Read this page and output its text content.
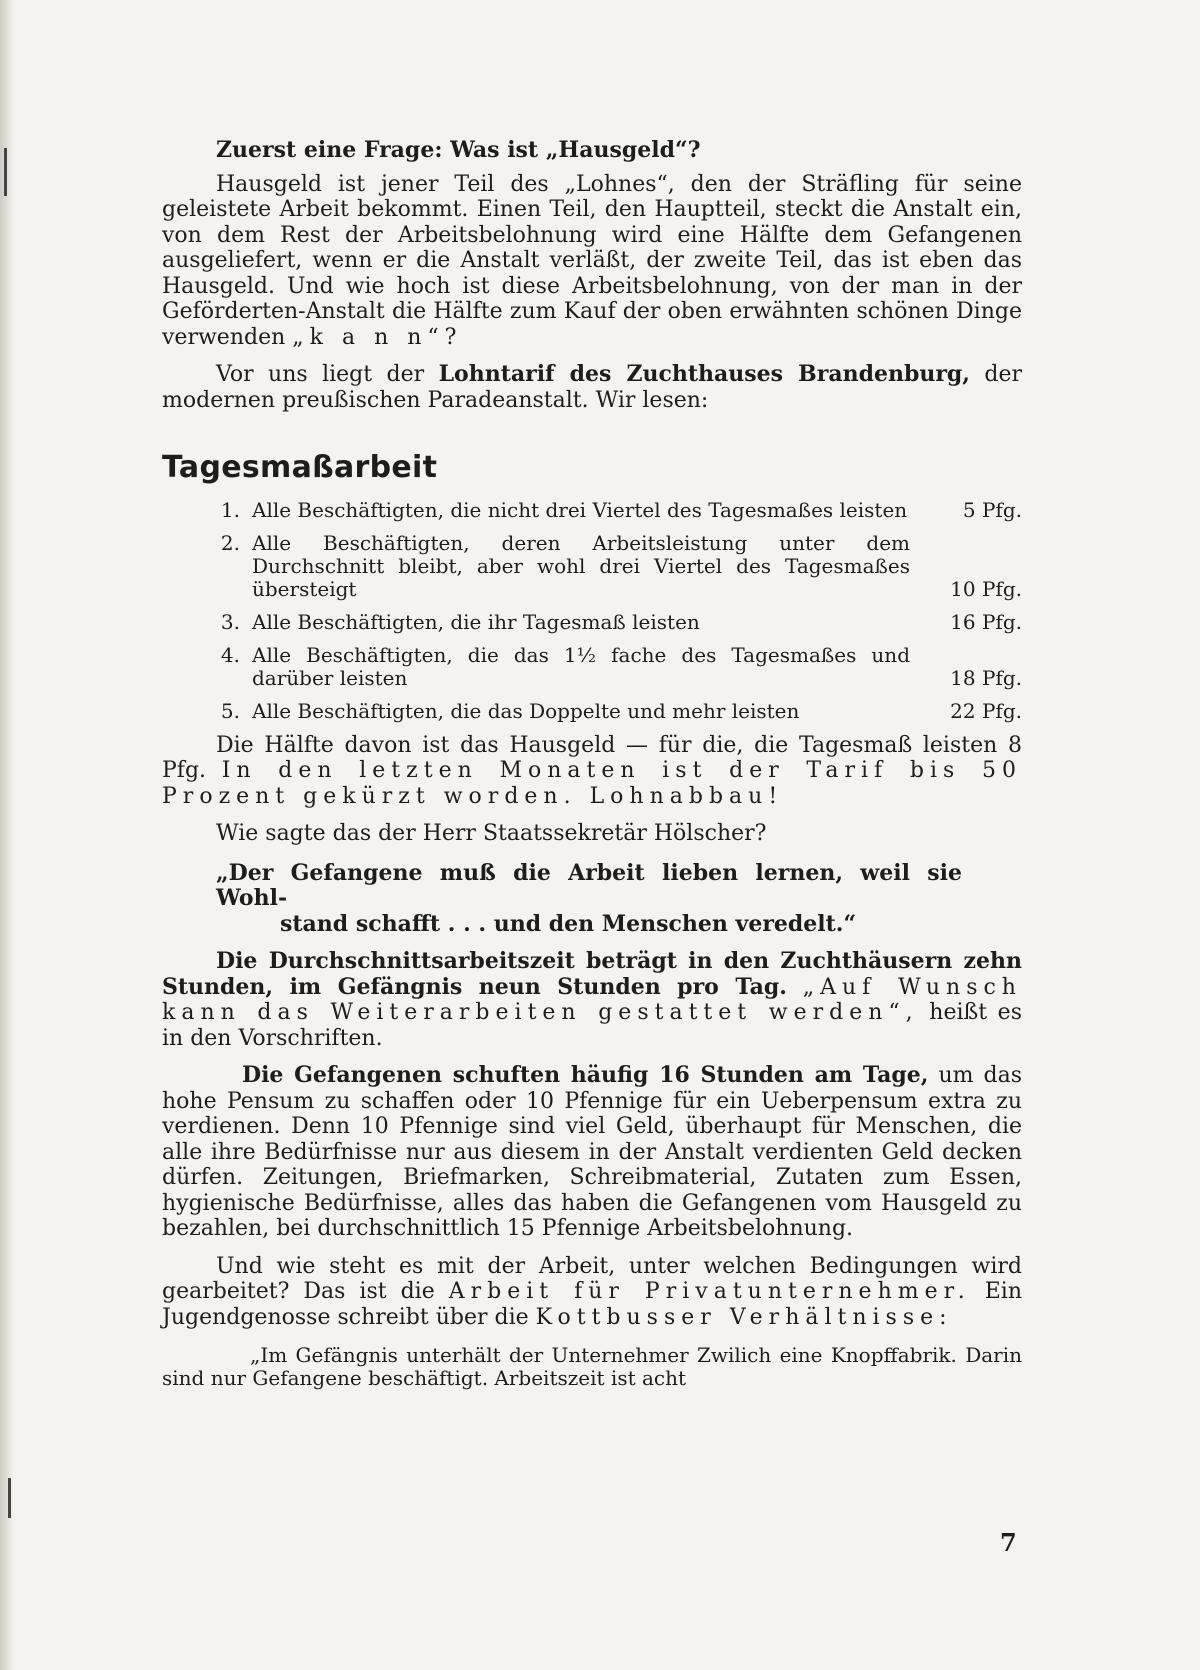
Zuerst eine Frage: Was ist „Hausgeld“?

Hausgeld ist jener Teil des „Lohnes“, den der Sträfling für seine geleistete Arbeit bekommt. Einen Teil, den Hauptteil, steckt die Anstalt ein, von dem Rest der Arbeitsbelohnung wird eine Hälfte dem Gefangenen ausgeliefert, wenn er die Anstalt verläßt, der zweite Teil, das ist eben das Hausgeld. Und wie hoch ist diese Arbeitsbelohnung, von der man in der Geförderten-Anstalt die Hälfte zum Kauf der oben erwähnten schönen Dinge verwenden „k a n n“?

Vor uns liegt der Lohntarif des Zuchthauses Brandenburg, der modernen preußischen Paradeanstalt. Wir lesen:

Tagesmaßarbeit
1. Alle Beschäftigten, die nicht drei Viertel des Tagesmaßes leisten	5 Pfg.
2. Alle Beschäftigten, deren Arbeitsleistung unter dem Durchschnitt bleibt, aber wohl drei Viertel des Tagesmaßes übersteigt	10 Pfg.
3. Alle Beschäftigten, die ihr Tagesmaß leisten	16 Pfg.
4. Alle Beschäftigten, die das 1½ fache des Tagesmaßes und darüber leisten	18 Pfg.
5. Alle Beschäftigten, die das Doppelte und mehr leisten	22 Pfg.

Die Hälfte davon ist das Hausgeld — für die, die Tagesmaß leisten 8 Pfg. In den letzten Monaten ist der Tarif bis 50 Prozent gekürzt worden. Lohnabbau!

Wie sagte das der Herr Staatssekretär Hölscher?

„Der Gefangene muß die Arbeit lieben lernen, weil sie Wohl-
stand schafft . . . und den Menschen veredelt.“

Die Durchschnittsarbeitszeit beträgt in den Zuchthäusern zehn Stunden, im Gefängnis neun Stunden pro Tag. „Auf Wunsch kann das Weiterarbeiten gestattet werden“, heißt es in den Vorschriften.

Die Gefangenen schuften häufig 16 Stunden am Tage, um das hohe Pensum zu schaffen oder 10 Pfennige für ein Ueberpensum extra zu verdienen. Denn 10 Pfennige sind viel Geld, überhaupt für Menschen, die alle ihre Bedürfnisse nur aus diesem in der Anstalt verdienten Geld decken dürfen. Zeitungen, Briefmarken, Schreibmaterial, Zutaten zum Essen, hygienische Bedürfnisse, alles das haben die Gefangenen vom Hausgeld zu bezahlen, bei durchschnittlich 15 Pfennige Arbeitsbelohnung.

Und wie steht es mit der Arbeit, unter welchen Bedingungen wird gearbeitet? Das ist die Arbeit für Privatunternehmer. Ein Jugendgenosse schreibt über die Kottbusser Verhältnisse:

„Im Gefängnis unterhält der Unternehmer Zwilich eine Knopffabrik. Darin sind nur Gefangene beschäftigt. Arbeitszeit ist acht

7
